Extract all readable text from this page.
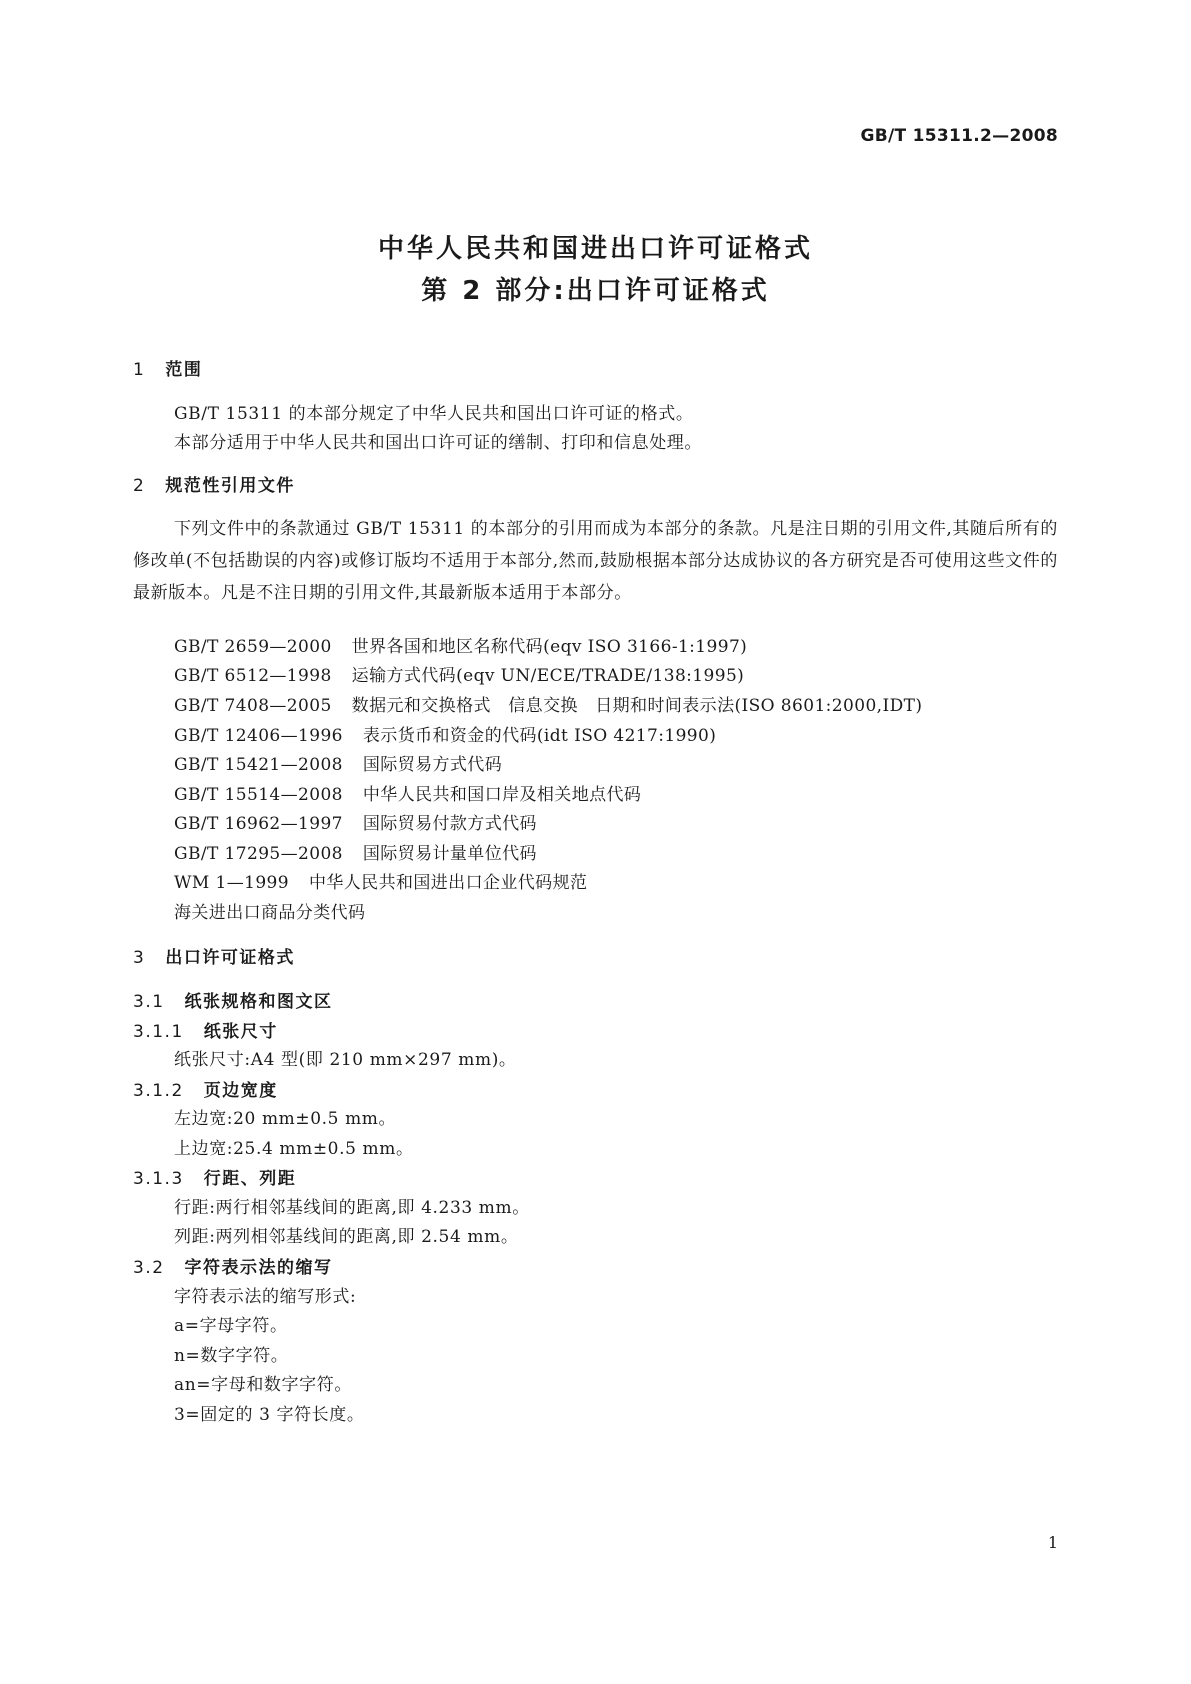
GB/T 15311.2—2008
中华人民共和国进出口许可证格式
第 2 部分:出口许可证格式
1 范围
GB/T 15311 的本部分规定了中华人民共和国出口许可证的格式。
本部分适用于中华人民共和国出口许可证的缮制、打印和信息处理。
2 规范性引用文件
下列文件中的条款通过 GB/T 15311 的本部分的引用而成为本部分的条款。凡是注日期的引用文件,其随后所有的修改单(不包括勘误的内容)或修订版均不适用于本部分,然而,鼓励根据本部分达成协议的各方研究是否可使用这些文件的最新版本。凡是不注日期的引用文件,其最新版本适用于本部分。
GB/T 2659—2000 世界各国和地区名称代码(eqv ISO 3166-1:1997)
GB/T 6512—1998 运输方式代码(eqv UN/ECE/TRADE/138:1995)
GB/T 7408—2005 数据元和交换格式　信息交换　日期和时间表示法(ISO 8601:2000,IDT)
GB/T 12406—1996 表示货币和资金的代码(idt ISO 4217:1990)
GB/T 15421—2008 国际贸易方式代码
GB/T 15514—2008 中华人民共和国口岸及相关地点代码
GB/T 16962—1997 国际贸易付款方式代码
GB/T 17295—2008 国际贸易计量单位代码
WM 1—1999 中华人民共和国进出口企业代码规范
海关进出口商品分类代码
3 出口许可证格式
3.1 纸张规格和图文区
3.1.1 纸张尺寸
纸张尺寸:A4 型(即 210 mm×297 mm)。
3.1.2 页边宽度
左边宽:20 mm±0.5 mm。
上边宽:25.4 mm±0.5 mm。
3.1.3 行距、列距
行距:两行相邻基线间的距离,即 4.233 mm。
列距:两列相邻基线间的距离,即 2.54 mm。
3.2 字符表示法的缩写
字符表示法的缩写形式:
a=字母字符。
n=数字字符。
an=字母和数字字符。
3=固定的 3 字符长度。
1
